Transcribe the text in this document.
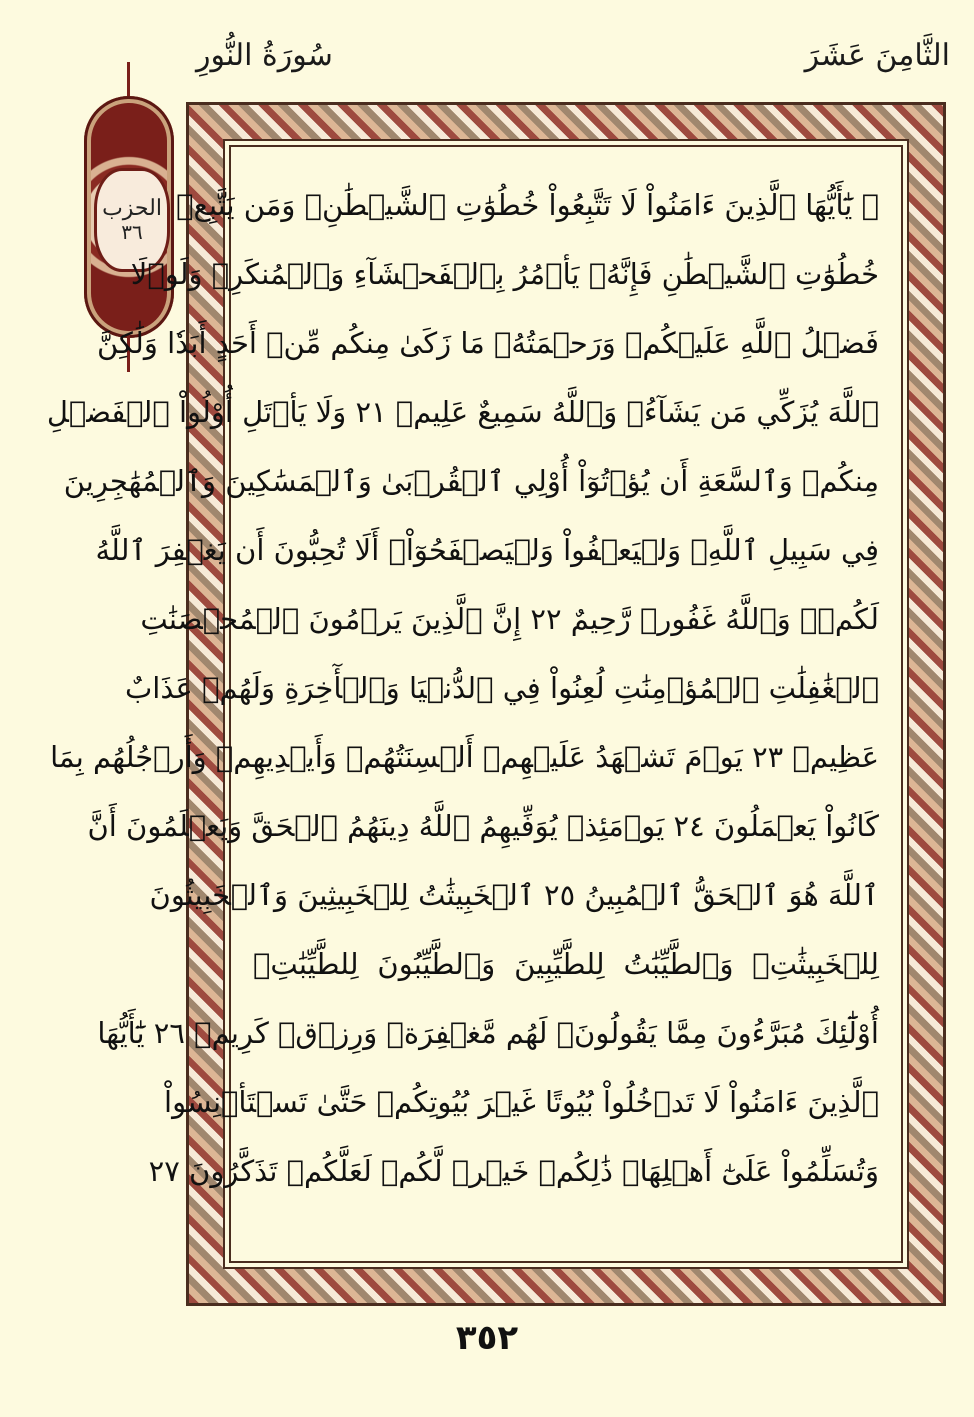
سُورَةُ النُّورِ	الثَّامِنَ عَشَرَ
الحزب
٣٦
۞ يَٰٓأَيُّهَا ٱلَّذِينَ ءَامَنُواْ لَا تَتَّبِعُواْ خُطُوَٰتِ ٱلشَّيۡطَٰنِۚ وَمَن يَتَّبِعۡ
خُطُوَٰتِ ٱلشَّيۡطَٰنِ فَإِنَّهُۥ يَأۡمُرُ بِٱلۡفَحۡشَآءِ وَٱلۡمُنكَرِۚ وَلَوۡلَا
فَضۡلُ ٱللَّهِ عَلَيۡكُمۡ وَرَحۡمَتُهُۥ مَا زَكَىٰ مِنكُم مِّنۡ أَحَدٍ أَبَدٗا وَلَٰكِنَّ
ٱللَّهَ يُزَكِّي مَن يَشَآءُۗ وَٱللَّهُ سَمِيعٌ عَلِيمٞ ٢١ وَلَا يَأۡتَلِ أُوْلُواْ ٱلۡفَضۡلِ
مِنكُمۡ وَٱلسَّعَةِ أَن يُؤۡتُوٓاْ أُوْلِي ٱلۡقُرۡبَىٰ وَٱلۡمَسَٰكِينَ وَٱلۡمُهَٰجِرِينَ
فِي سَبِيلِ ٱللَّهِۖ وَلۡيَعۡفُواْ وَلۡيَصۡفَحُوٓاْۗ أَلَا تُحِبُّونَ أَن يَغۡفِرَ ٱللَّهُ
لَكُمۡۚ وَٱللَّهُ غَفُورٞ رَّحِيمٌ ٢٢ إِنَّ ٱلَّذِينَ يَرۡمُونَ ٱلۡمُحۡصَنَٰتِ
ٱلۡغَٰفِلَٰتِ ٱلۡمُؤۡمِنَٰتِ لُعِنُواْ فِي ٱلدُّنۡيَا وَٱلۡأٓخِرَةِ وَلَهُمۡ عَذَابٌ
عَظِيمٞ ٢٣ يَوۡمَ تَشۡهَدُ عَلَيۡهِمۡ أَلۡسِنَتُهُمۡ وَأَيۡدِيهِمۡ وَأَرۡجُلُهُم بِمَا
كَانُواْ يَعۡمَلُونَ ٢٤ يَوۡمَئِذٖ يُوَفِّيهِمُ ٱللَّهُ دِينَهُمُ ٱلۡحَقَّ وَيَعۡلَمُونَ أَنَّ
ٱللَّهَ هُوَ ٱلۡحَقُّ ٱلۡمُبِينُ ٢٥ ٱلۡخَبِيثَٰتُ لِلۡخَبِيثِينَ وَٱلۡخَبِيثُونَ
لِلۡخَبِيثَٰتِۖ وَٱلطَّيِّبَٰتُ لِلطَّيِّبِينَ وَٱلطَّيِّبُونَ لِلطَّيِّبَٰتِۚ
أُوْلَٰٓئِكَ مُبَرَّءُونَ مِمَّا يَقُولُونَۖ لَهُم مَّغۡفِرَةٞ وَرِزۡقٞ كَرِيمٞ ٢٦ يَٰٓأَيُّهَا
ٱلَّذِينَ ءَامَنُواْ لَا تَدۡخُلُواْ بُيُوتًا غَيۡرَ بُيُوتِكُمۡ حَتَّىٰ تَسۡتَأۡنِسُواْ
وَتُسَلِّمُواْ عَلَىٰٓ أَهۡلِهَاۚ ذَٰلِكُمۡ خَيۡرٞ لَّكُمۡ لَعَلَّكُمۡ تَذَكَّرُونَ ٢٧
٣٥٢
